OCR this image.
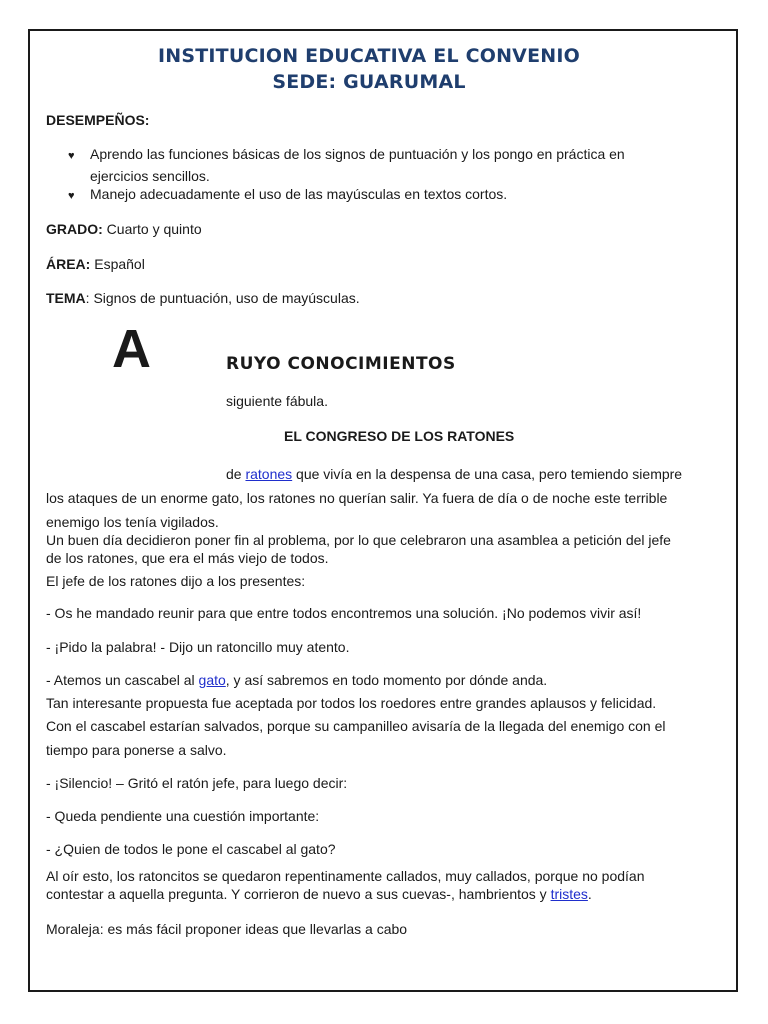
INSTITUCION EDUCATIVA EL CONVENIO
SEDE: GUARUMAL
DESEMPEÑOS:
♥ Aprendo las funciones básicas de los signos de puntuación y los pongo en práctica en
ejercicios sencillos.
♥ Manejo adecuadamente el uso de las mayúsculas en textos cortos.
GRADO: Cuarto y quinto
ÁREA: Español
TEMA: Signos de puntuación, uso de mayúsculas.
A	RUYO CONOCIMIENTOS
siguiente fábula.
EL CONGRESO DE LOS RATONES
de ratones que vivía en la despensa de una casa, pero temiendo siempre
los ataques de un enorme gato, los ratones no querían salir. Ya fuera de día o de noche este terrible
enemigo los tenía vigilados.
Un buen día decidieron poner fin al problema, por lo que celebraron una asamblea a petición del jefe
de los ratones, que era el más viejo de todos.
El jefe de los ratones dijo a los presentes:
- Os he mandado reunir para que entre todos encontremos una solución. ¡No podemos vivir así!
- ¡Pido la palabra! - Dijo un ratoncillo muy atento.
- Atemos un cascabel al gato, y así sabremos en todo momento por dónde anda.
Tan interesante propuesta fue aceptada por todos los roedores entre grandes aplausos y felicidad.
Con el cascabel estarían salvados, porque su campanilleo avisaría de la llegada del enemigo con el
tiempo para ponerse a salvo.
- ¡Silencio! – Gritó el ratón jefe, para luego decir:
- Queda pendiente una cuestión importante:
- ¿Quien de todos le pone el cascabel al gato?
Al oír esto, los ratoncitos se quedaron repentinamente callados, muy callados, porque no podían
contestar a aquella pregunta. Y corrieron de nuevo a sus cuevas-, hambrientos y tristes.
Moraleja: es más fácil proponer ideas que llevarlas a cabo
